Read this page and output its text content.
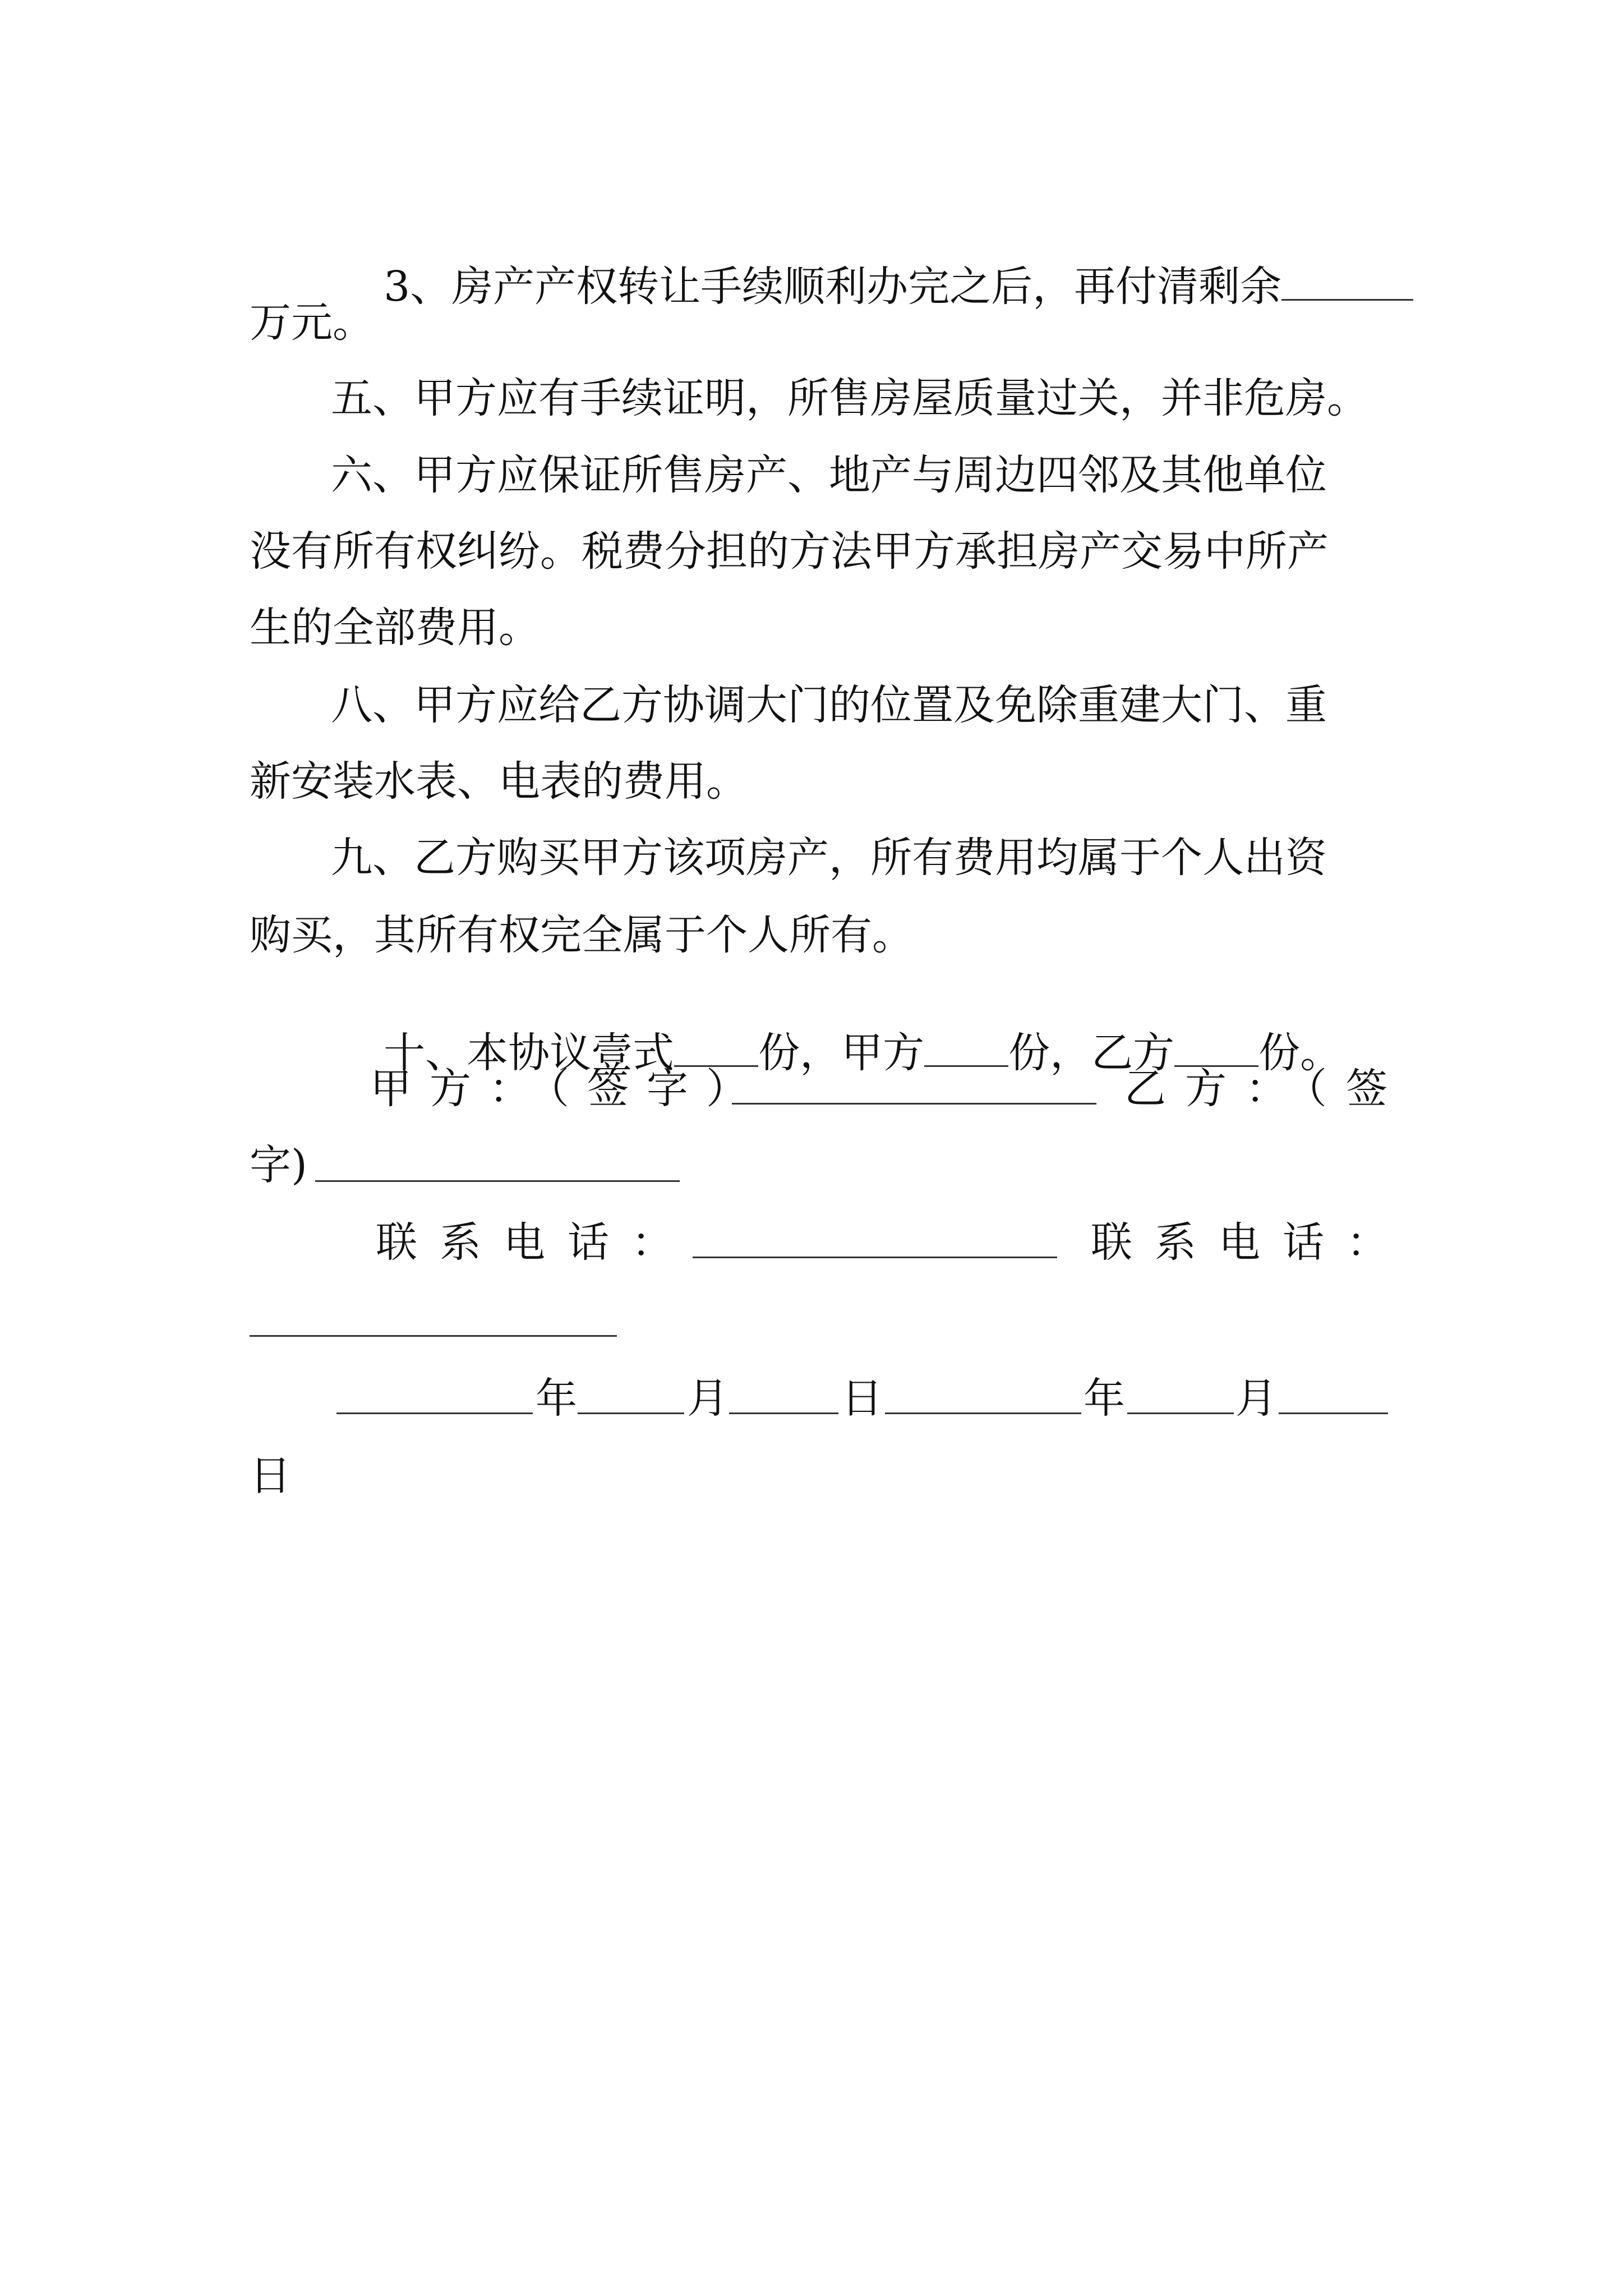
3、房产产权转让手续顺利办完之后，再付清剩余

万元。
五、甲方应有手续证明，所售房屋质量过关，并非危房。
六、甲方应保证所售房产、地产与周边四邻及其他单位
没有所有权纠纷。税费分担的方法甲方承担房产交易中所产
生的全部费用。
八、甲方应给乙方协调大门的位置及免除重建大门、重
新安装水表、电表的费用。
九、乙方购买甲方该项房产，所有费用均属于个人出资
购买，其所有权完全属于个人所有。

十、本协议壹式 份，甲方 份，乙方 份。

甲方：（签字）	乙方：（签
字)
联系电话：	联系电话：
年	月	日	年	月
日
